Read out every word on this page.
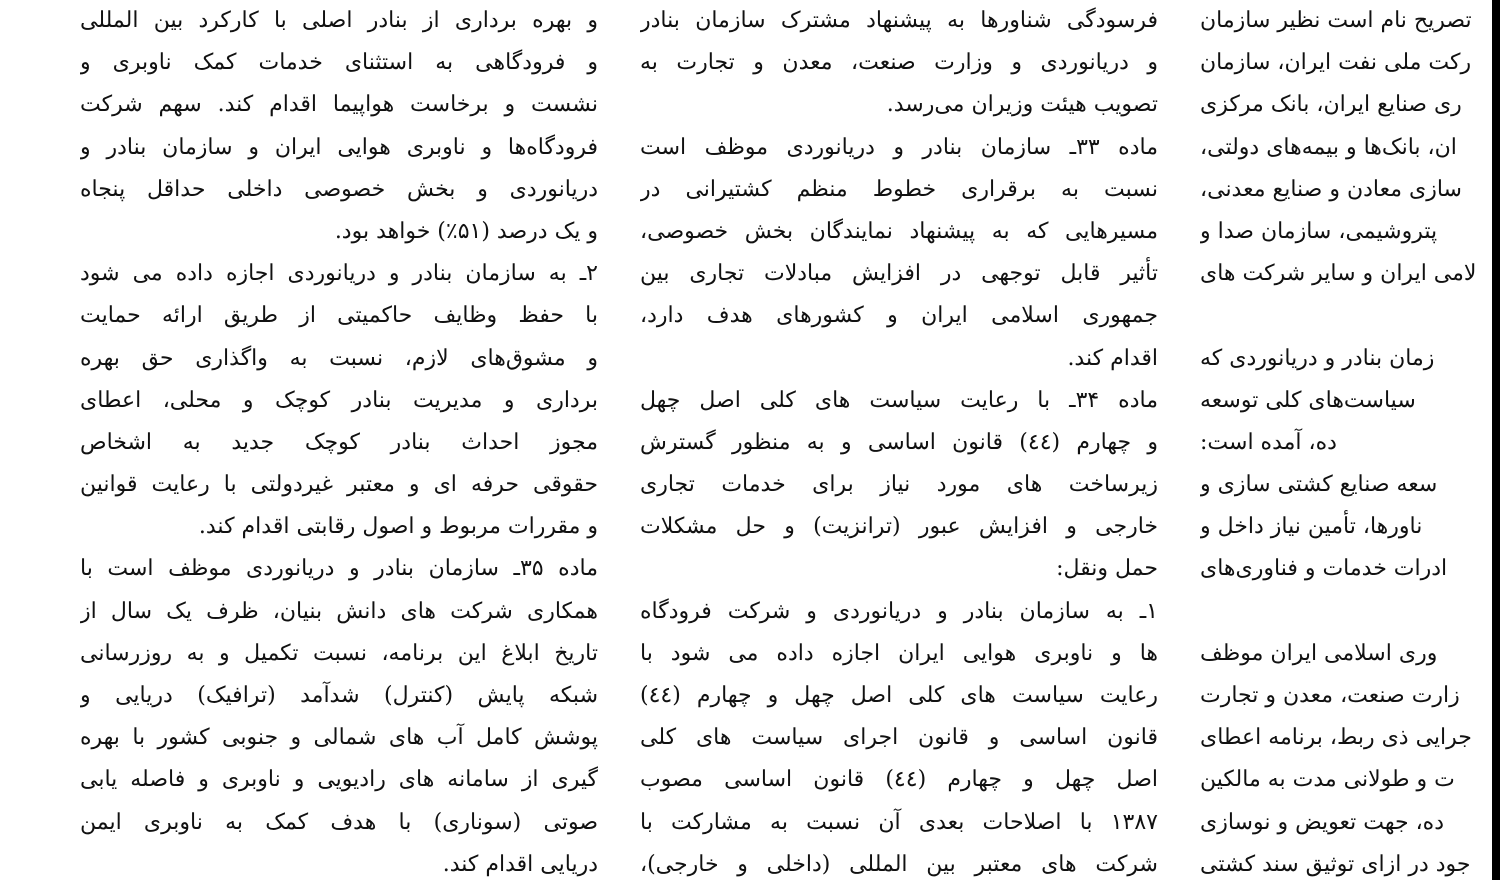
و بهره برداری از بنادر اصلی با کارکرد بین المللی
و فرودگاهی به استثنای خدمات کمک ناوبری و
نشست و برخاست هواپیما اقدام کند. سهم شرکت
فرودگاه‌ها و ناوبری هوایی ایران و سازمان بنادر و
دریانوردی و بخش خصوصی داخلی حداقل پنجاه
و یک درصد (۵۱٪) خواهد بود.
۲ـ به سازمان بنادر و دریانوردی اجازه داده می شود
با حفظ وظایف حاکمیتی از طریق ارائه حمایت
و مشوق‌های لازم، نسبت به واگذاری حق بهره
برداری و مدیریت بنادر کوچک و محلی، اعطای
مجوز احداث بنادر کوچک جدید به اشخاص
حقوقی حرفه ای و معتبر غیردولتی با رعایت قوانین
و مقررات مربوط و اصول رقابتی اقدام کند.
ماده ۳۵ـ سازمان بنادر و دریانوردی موظف است با
همکاری شرکت های دانش بنیان، ظرف یک سال از
تاریخ ابلاغ این برنامه، نسبت تکمیل و به روزرسانی
شبکه پایش (کنترل) شدآمد (ترافیک) دریایی و
پوشش کامل آب های شمالی و جنوبی کشور با بهره
گیری از سامانه های رادیویی و ناوبری و فاصله یابی
صوتی (سوناری) با هدف کمک به ناوبری ایمن
دریایی اقدام کند.
فرسودگی شناورها به پیشنهاد مشترک سازمان بنادر
و دریانوردی و وزارت صنعت، معدن و تجارت به
تصویب هیئت وزیران می‌رسد.
ماده ۳۳ـ سازمان بنادر و دریانوردی موظف است
نسبت به برقراری خطوط منظم کشتیرانی در
مسیرهایی که به پیشنهاد نمایندگان بخش خصوصی،
تأثیر قابل توجهی در افزایش مبادلات تجاری بین
جمهوری اسلامی ایران و کشورهای هدف دارد،
اقدام کند.
ماده ۳۴ـ با رعایت سیاست های کلی اصل چهل
و چهارم (٤٤) قانون اساسی و به منظور گسترش
زیرساخت های مورد نیاز برای خدمات تجاری
خارجی و افزایش عبور (ترانزیت) و حل مشکلات
حمل ونقل:
۱ـ به سازمان بنادر و دریانوردی و شرکت فرودگاه
ها و ناوبری هوایی ایران اجازه داده می شود با
رعایت سیاست های کلی اصل چهل و چهارم (٤٤)
قانون اساسی و قانون اجرای سیاست های کلی
اصل چهل و چهارم (٤٤) قانون اساسی مصوب
۱۳۸۷ با اصلاحات بعدی آن نسبت به مشارکت با
شرکت های معتبر بین المللی (داخلی و خارجی)،
تصریح نام است نظیر سازمان
رکت ملی نفت ایران، سازمان
ری صنایع ایران، بانک مرکزی
ان، بانک‌ها و بیمه‌های دولتی،
سازی معادن و صنایع معدنی،
پتروشیمی، سازمان صدا و
لامی ایران و سایر شرکت های
زمان بنادر و دریانوردی که
سیاست‌های کلی توسعه
ده، آمده است:
سعه صنایع کشتی سازی و
ناورها، تأمین نیاز داخل و
ادرات خدمات و فناوری‌های
وری اسلامی ایران موظف
زارت صنعت، معدن و تجارت
جرایی ذی ربط، برنامه اعطای
ت و طولانی مدت به مالکین
ده، جهت تعویض و نوسازی
جود در ازای توثیق سند کشتی
